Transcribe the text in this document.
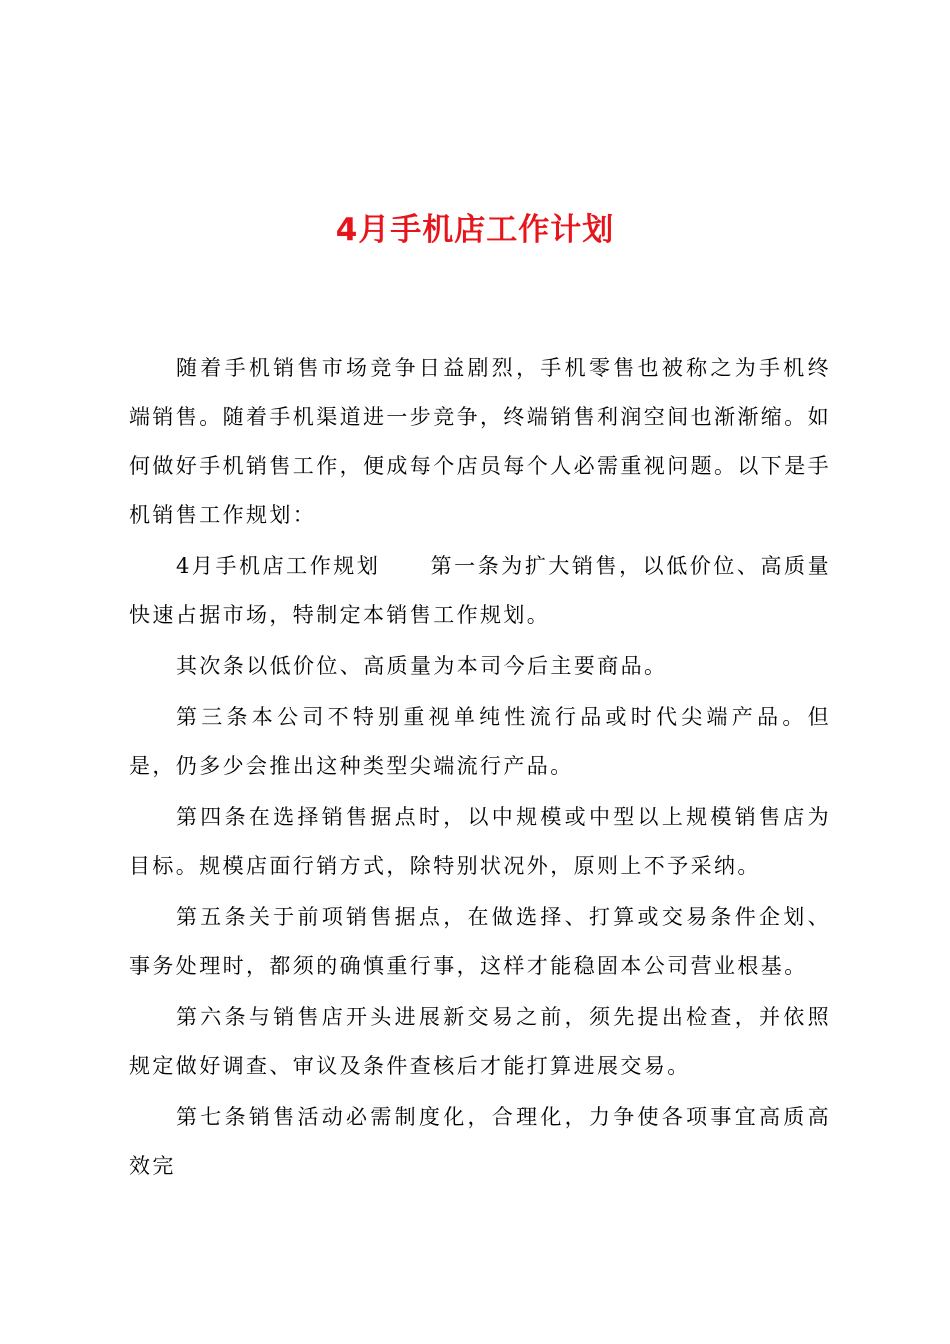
4月手机店工作计划

随着手机销售市场竞争日益剧烈，手机零售也被称之为手机终端销售。随着手机渠道进一步竞争，终端销售利润空间也渐渐缩。如何做好手机销售工作，便成每个店员每个人必需重视问题。以下是手机销售工作规划：

4月手机店工作规划 第一条为扩大销售，以低价位、高质量快速占据市场，特制定本销售工作规划。

其次条以低价位、高质量为本司今后主要商品。

第三条本公司不特别重视单纯性流行品或时代尖端产品。但是，仍多少会推出这种类型尖端流行产品。

第四条在选择销售据点时，以中规模或中型以上规模销售店为目标。规模店面行销方式，除特别状况外，原则上不予采纳。

第五条关于前项销售据点，在做选择、打算或交易条件企划、事务处理时，都须的确慎重行事，这样才能稳固本公司营业根基。

第六条与销售店开头进展新交易之前，须先提出检查，并依照规定做好调查、审议及条件查核后才能打算进展交易。

第七条销售活动必需制度化，合理化，力争使各项事宜高质高效完
